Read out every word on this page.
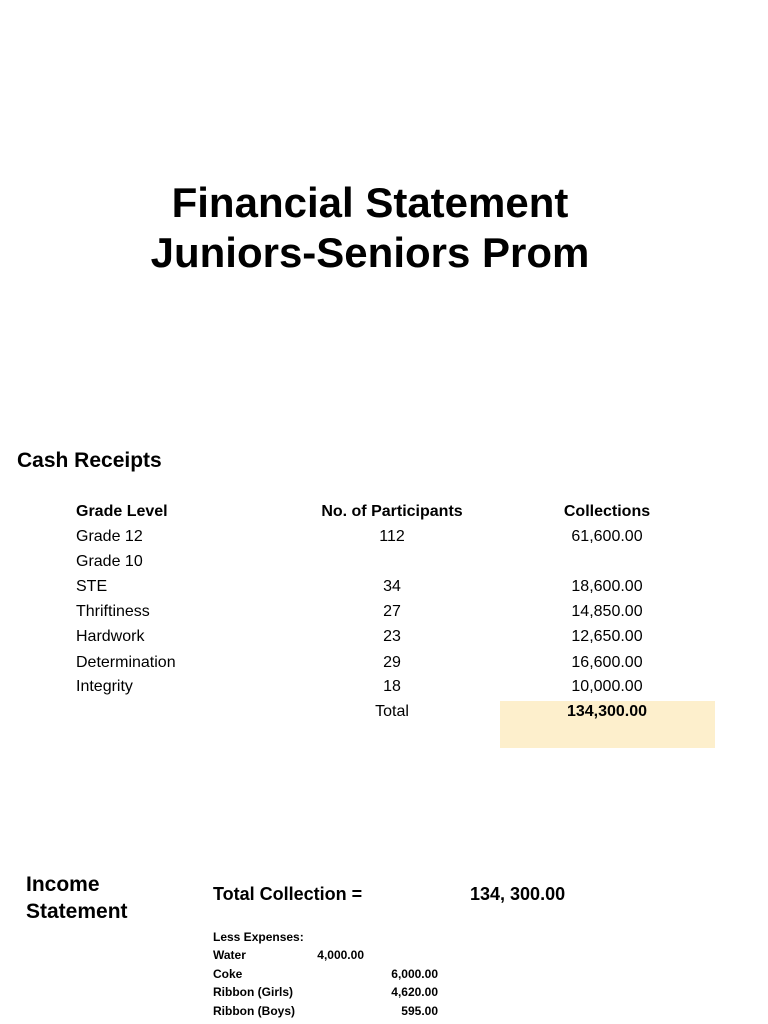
Financial Statement
Juniors-Seniors Prom
Cash Receipts
Grade Level	No. of Participants	Collections
Grade 12	112	61,600.00
Grade 10
STE	34	18,600.00
Thriftiness	27	14,850.00
Hardwork	23	12,650.00
Determination	29	16,600.00
Integrity	18	10,000.00
Total	134,300.00
Income
Statement
Total Collection =	134, 300.00
Less Expenses:
Water	4,000.00
Coke	6,000.00
Ribbon (Girls)	4,620.00
Ribbon (Boys)	595.00
